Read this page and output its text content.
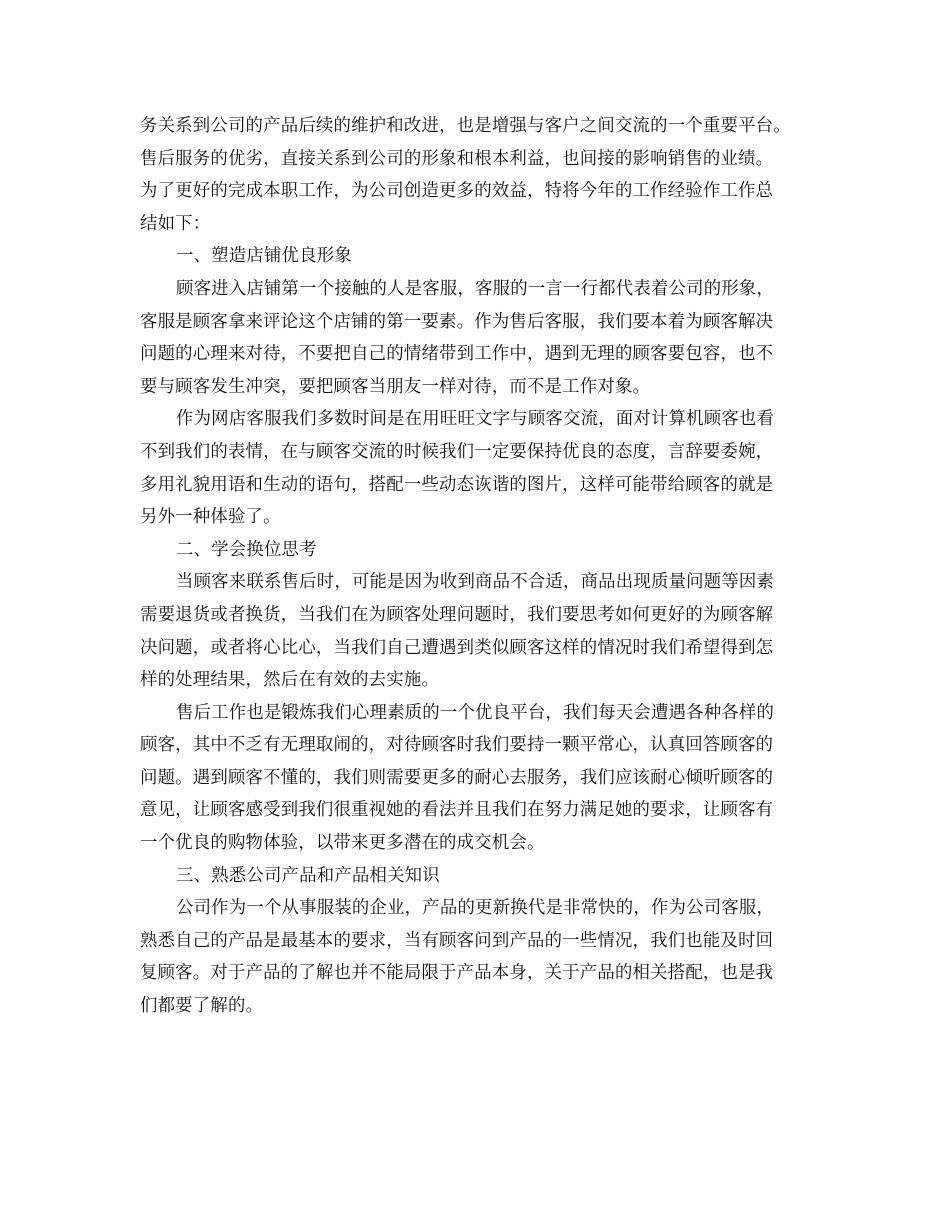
务关系到公司的产品后续的维护和改进，也是增强与客户之间交流的一个重要平台。

售后服务的优劣，直接关系到公司的形象和根本利益，也间接的影响销售的业绩。

为了更好的完成本职工作，为公司创造更多的效益，特将今年的工作经验作工作总

结如下：

一、塑造店铺优良形象

顾客进入店铺第一个接触的人是客服，客服的一言一行都代表着公司的形象，

客服是顾客拿来评论这个店铺的第一要素。作为售后客服，我们要本着为顾客解决

问题的心理来对待，不要把自己的情绪带到工作中，遇到无理的顾客要包容，也不

要与顾客发生冲突，要把顾客当朋友一样对待，而不是工作对象。

作为网店客服我们多数时间是在用旺旺文字与顾客交流，面对计算机顾客也看

不到我们的表情，在与顾客交流的时候我们一定要保持优良的态度，言辞要委婉，

多用礼貌用语和生动的语句，搭配一些动态诙谐的图片，这样可能带给顾客的就是

另外一种体验了。

二、学会换位思考

当顾客来联系售后时，可能是因为收到商品不合适，商品出现质量问题等因素

需要退货或者换货，当我们在为顾客处理问题时，我们要思考如何更好的为顾客解

决问题，或者将心比心，当我们自己遭遇到类似顾客这样的情况时我们希望得到怎

样的处理结果，然后在有效的去实施。

售后工作也是锻炼我们心理素质的一个优良平台，我们每天会遭遇各种各样的

顾客，其中不乏有无理取闹的，对待顾客时我们要持一颗平常心，认真回答顾客的

问题。遇到顾客不懂的，我们则需要更多的耐心去服务，我们应该耐心倾听顾客的

意见，让顾客感受到我们很重视她的看法并且我们在努力满足她的要求，让顾客有

一个优良的购物体验，以带来更多潜在的成交机会。

三、熟悉公司产品和产品相关知识

公司作为一个从事服装的企业，产品的更新换代是非常快的，作为公司客服，

熟悉自己的产品是最基本的要求，当有顾客问到产品的一些情况，我们也能及时回

复顾客。对于产品的了解也并不能局限于产品本身，关于产品的相关搭配，也是我

们都要了解的。
